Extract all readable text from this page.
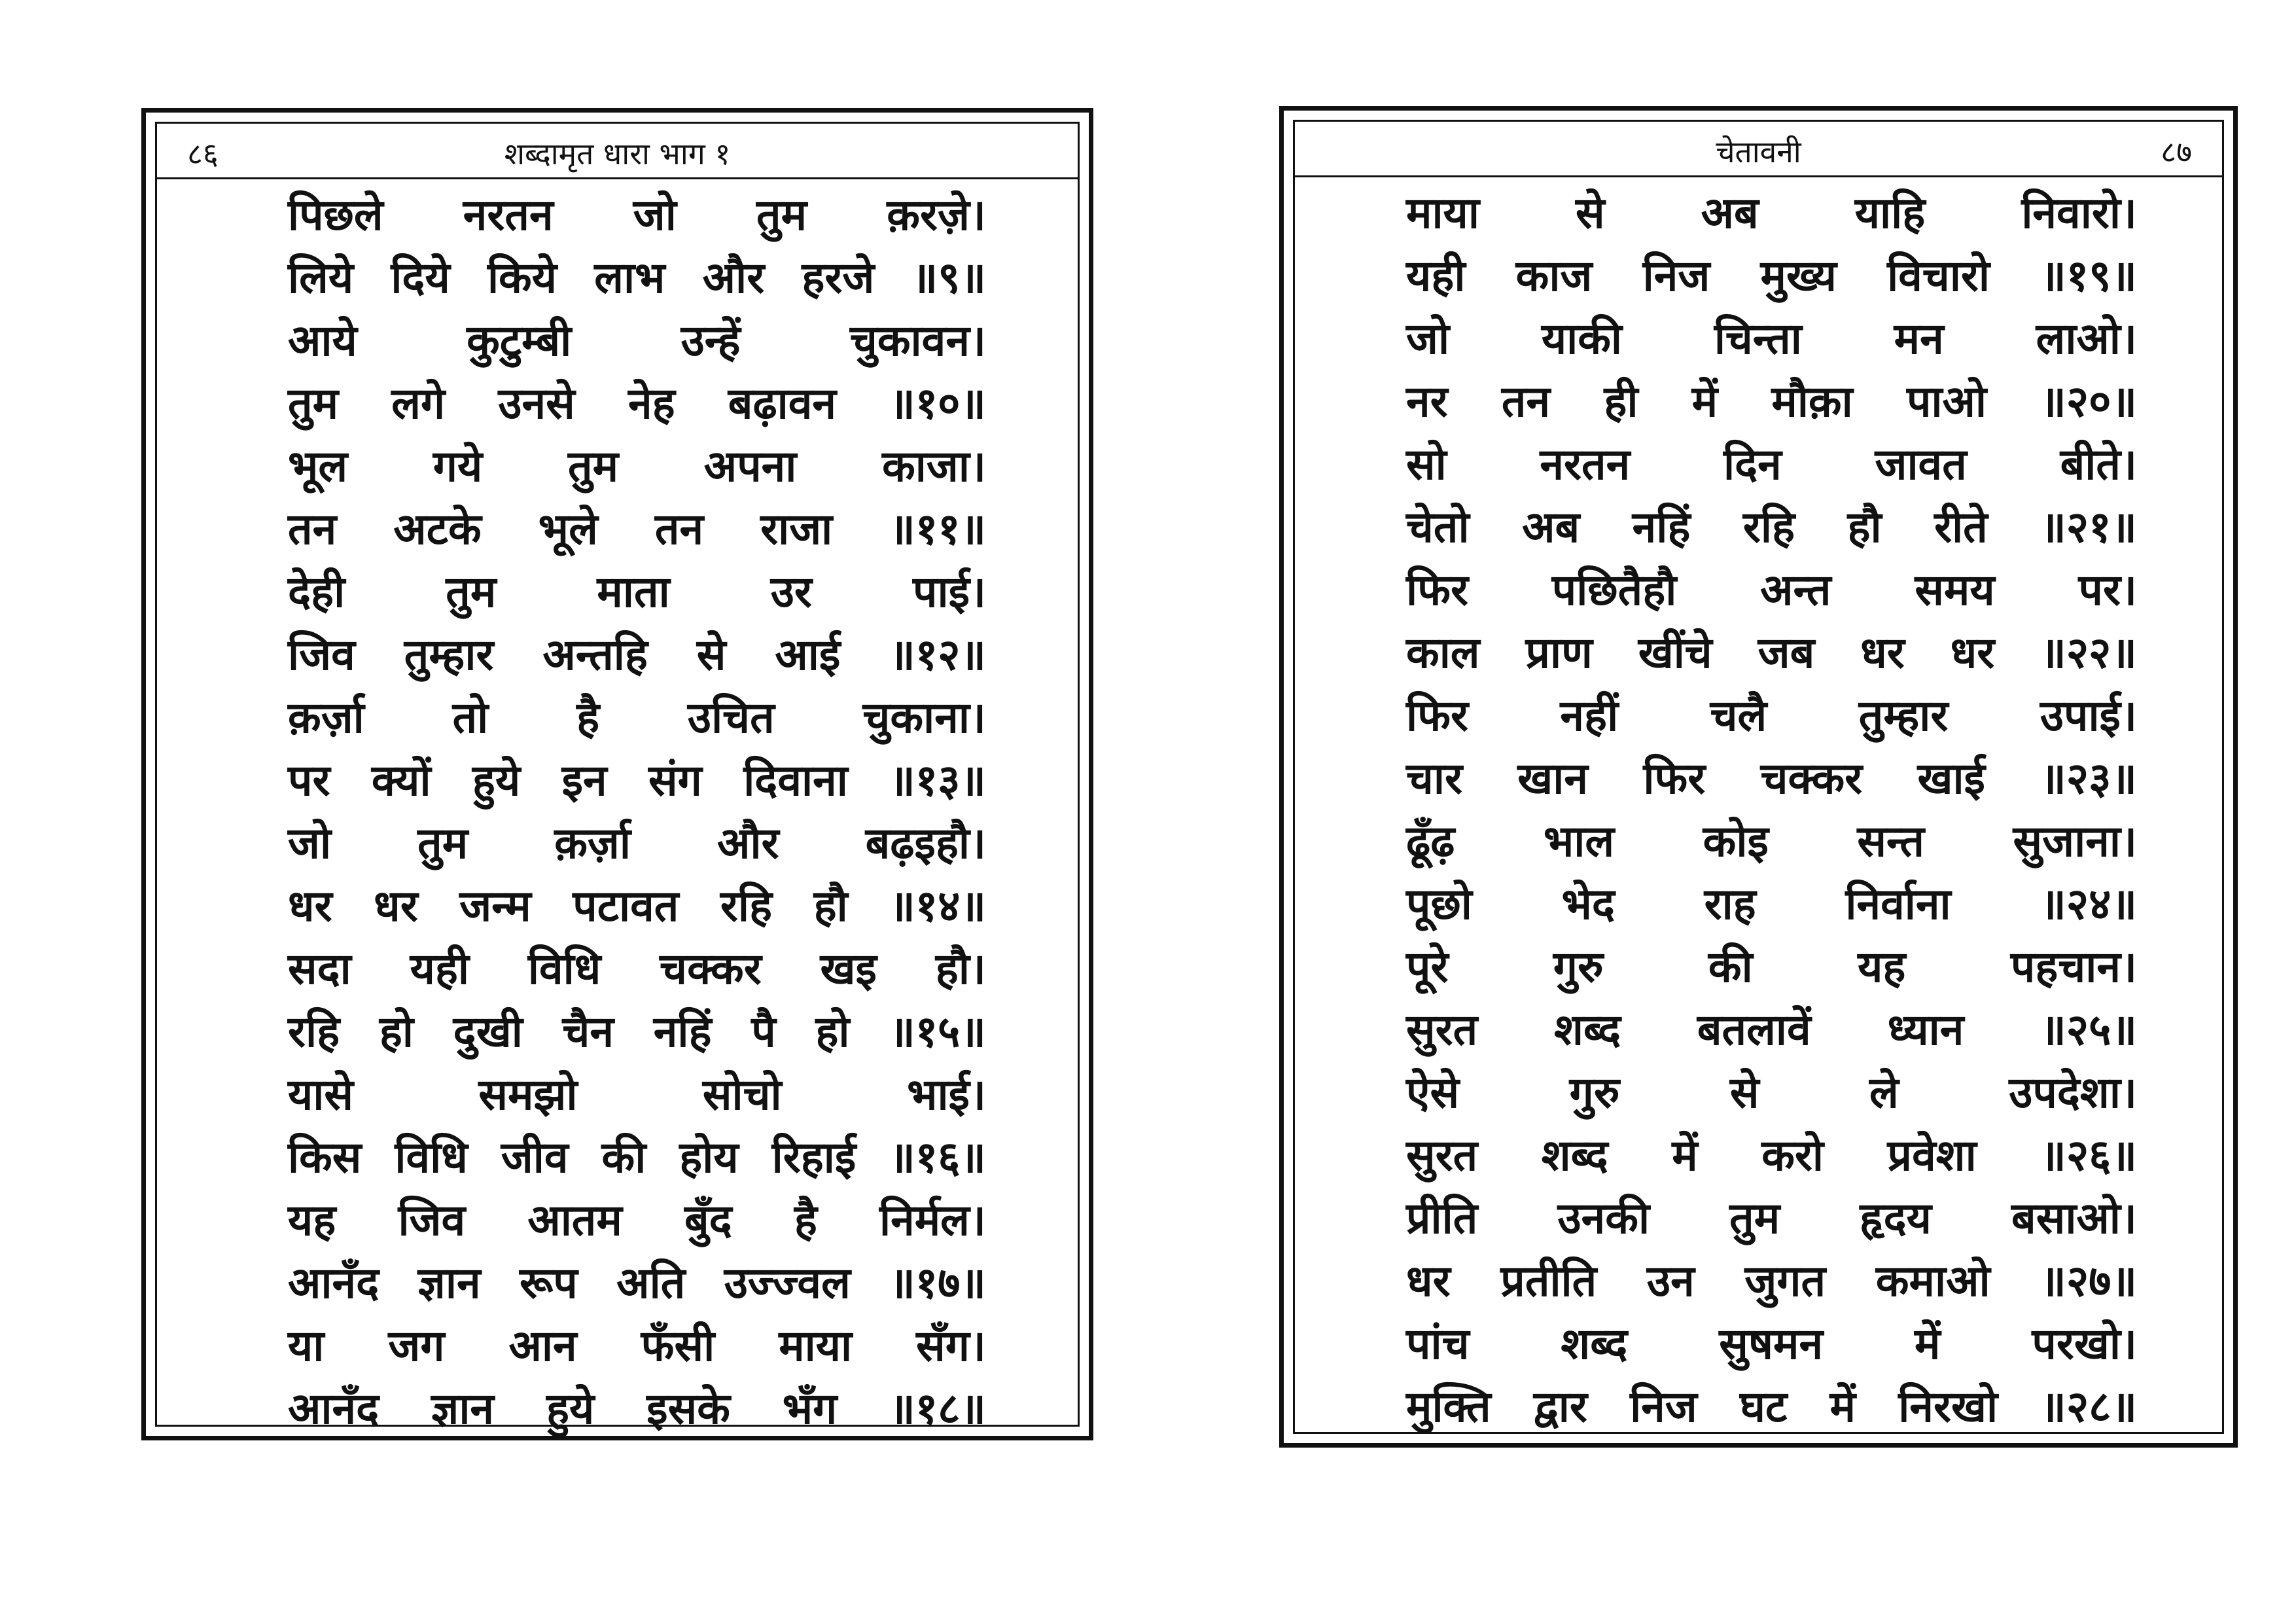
८६	शब्दामृत धारा भाग १
पिछले नरतन जो तुम क़रज़े।
लिये दिये किये लाभ और हरजे ॥९॥
आये	कुटुम्बी	उन्हें	चुकावन।
तुम लगे उनसे नेह बढ़ावन ॥१०॥
भूल गये तुम अपना काजा।
तन अटके भूले तन राजा ॥११॥
देही तुम माता उर पाई।
जिव तुम्हार अन्तहि से आई ॥१२॥
क़र्ज़ा तो है उचित चुकाना।
पर क्यों हुये इन संग दिवाना ॥१३॥
जो तुम क़र्ज़ा और बढ़इहौ।
धर धर जन्म पटावत रहि हौ ॥१४॥
सदा यही विधि चक्कर खइ हौ।
रहि हो दुखी चैन नहिं पै हो ॥१५॥
यासे	समझो	सोचो	भाई।
किस विधि जीव की होय रिहाई ॥१६॥
यह जिव आतम बुँद है निर्मल।
आनँद ज्ञान रूप अति उज्ज्वल ॥१७॥
या जग आन फँसी माया सँग।
आनँद ज्ञान हुये इसके भँग ॥१८॥
चेतावनी	८७
माया से अब याहि निवारो।
यही काज निज मुख्य विचारो ॥१९॥
जो याकी चिन्ता मन लाओ।
नर तन ही में मौक़ा पाओ ॥२०॥
सो नरतन दिन जावत बीते।
चेतो अब नहिं रहि हौ रीते ॥२१॥
फिर पछितैहौ अन्त समय पर।
काल प्राण खींचे जब धर धर ॥२२॥
फिर नहीं चलै तुम्हार उपाई।
चार खान फिर चक्कर खाई ॥२३॥
ढूँढ़ भाल कोइ सन्त सुजाना।
पूछो भेद राह निर्वाना ॥२४॥
पूरे गुरु की यह पहचान।
सुरत शब्द बतलावें ध्यान ॥२५॥
ऐसे	गुरु	से	ले	उपदेशा।
सुरत शब्द में करो प्रवेशा ॥२६॥
प्रीति उनकी तुम हृदय बसाओ।
धर प्रतीति उन जुगत कमाओ ॥२७॥
पांच शब्द सुषमन में परखो।
मुक्ति द्वार निज घट में निरखो ॥२८॥
